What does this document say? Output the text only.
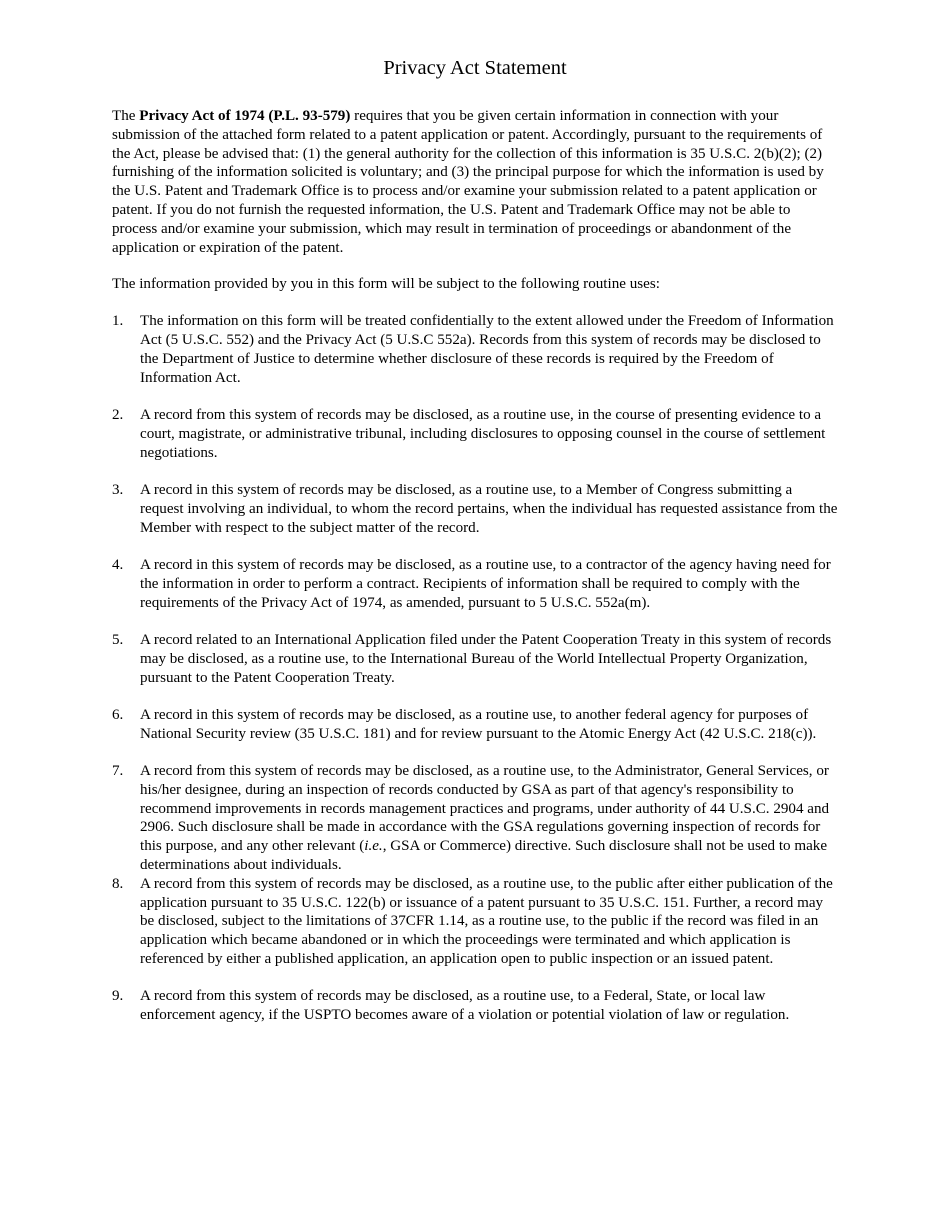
Privacy Act Statement

The Privacy Act of 1974 (P.L. 93-579) requires that you be given certain information in connection with your submission of the attached form related to a patent application or patent. Accordingly, pursuant to the requirements of the Act, please be advised that: (1) the general authority for the collection of this information is 35 U.S.C. 2(b)(2); (2) furnishing of the information solicited is voluntary; and (3) the principal purpose for which the information is used by the U.S. Patent and Trademark Office is to process and/or examine your submission related to a patent application or patent. If you do not furnish the requested information, the U.S. Patent and Trademark Office may not be able to process and/or examine your submission, which may result in termination of proceedings or abandonment of the application or expiration of the patent.

The information provided by you in this form will be subject to the following routine uses:

1. The information on this form will be treated confidentially to the extent allowed under the Freedom of Information Act (5 U.S.C. 552) and the Privacy Act (5 U.S.C 552a). Records from this system of records may be disclosed to the Department of Justice to determine whether disclosure of these records is required by the Freedom of Information Act.
2. A record from this system of records may be disclosed, as a routine use, in the course of presenting evidence to a court, magistrate, or administrative tribunal, including disclosures to opposing counsel in the course of settlement negotiations.
3. A record in this system of records may be disclosed, as a routine use, to a Member of Congress submitting a request involving an individual, to whom the record pertains, when the individual has requested assistance from the Member with respect to the subject matter of the record.
4. A record in this system of records may be disclosed, as a routine use, to a contractor of the agency having need for the information in order to perform a contract. Recipients of information shall be required to comply with the requirements of the Privacy Act of 1974, as amended, pursuant to 5 U.S.C. 552a(m).
5. A record related to an International Application filed under the Patent Cooperation Treaty in this system of records may be disclosed, as a routine use, to the International Bureau of the World Intellectual Property Organization, pursuant to the Patent Cooperation Treaty.
6. A record in this system of records may be disclosed, as a routine use, to another federal agency for purposes of National Security review (35 U.S.C. 181) and for review pursuant to the Atomic Energy Act (42 U.S.C. 218(c)).
7. A record from this system of records may be disclosed, as a routine use, to the Administrator, General Services, or his/her designee, during an inspection of records conducted by GSA as part of that agency's responsibility to recommend improvements in records management practices and programs, under authority of 44 U.S.C. 2904 and 2906. Such disclosure shall be made in accordance with the GSA regulations governing inspection of records for this purpose, and any other relevant (i.e., GSA or Commerce) directive. Such disclosure shall not be used to make determinations about individuals.
8. A record from this system of records may be disclosed, as a routine use, to the public after either publication of the application pursuant to 35 U.S.C. 122(b) or issuance of a patent pursuant to 35 U.S.C. 151. Further, a record may be disclosed, subject to the limitations of 37CFR 1.14, as a routine use, to the public if the record was filed in an application which became abandoned or in which the proceedings were terminated and which application is referenced by either a published application, an application open to public inspection or an issued patent.
9. A record from this system of records may be disclosed, as a routine use, to a Federal, State, or local law enforcement agency, if the USPTO becomes aware of a violation or potential violation of law or regulation.
